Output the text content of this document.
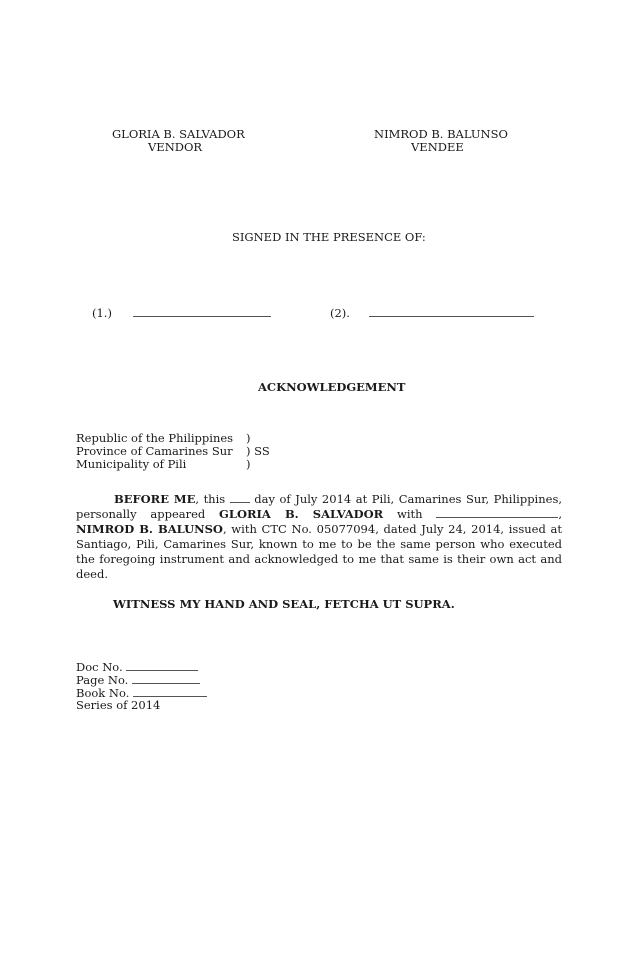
GLORIA B. SALVADOR
VENDOR
NIMROD B. BALUNSO
VENDEE
SIGNED IN THE PRESENCE OF:
(1.)	(2).
ACKNOWLEDGEMENT
Republic of the Philippines )
Province of Camarines Sur ) SS
Municipality of Pili	)
BEFORE ME, this  day of July 2014 at Pili, Camarines Sur, Philippines, personally appeared GLORIA B. SALVADOR with	, NIMROD B. BALUNSO, with CTC No. 05077094, dated July 24, 2014, issued at Santiago, Pili, Camarines Sur, known to me to be the same person who executed the foregoing instrument and acknowledged to me that same is their own act and deed.
WITNESS MY HAND AND SEAL, FETCHA UT SUPRA.
Doc No.
Page No.
Book No.
Series of 2014
